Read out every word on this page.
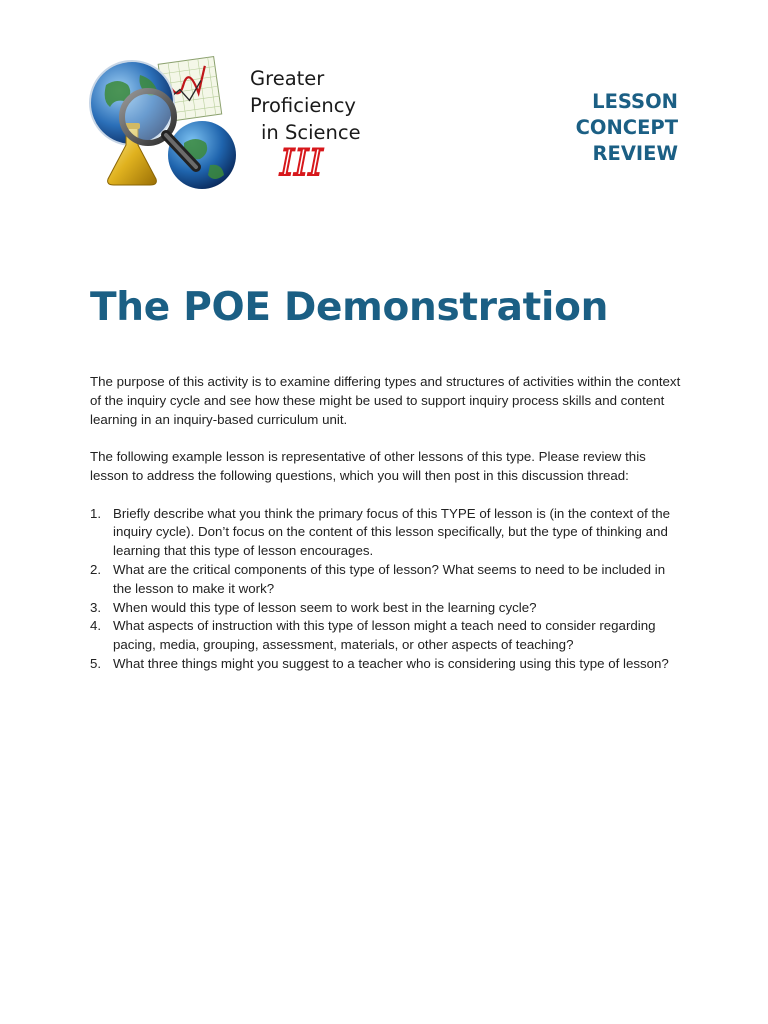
Greater
Proficiency
in Science
III
LESSON
CONCEPT
REVIEW
The POE Demonstration

The purpose of this activity is to examine differing types and structures of activities within the context of the inquiry cycle and see how these might be used to support inquiry process skills and content learning in an inquiry-based curriculum unit.

The following example lesson is representative of other lessons of this type. Please review this lesson to address the following questions, which you will then post in this discussion thread:

1. Briefly describe what you think the primary focus of this TYPE of lesson is (in the context of the inquiry cycle). Don’t focus on the content of this lesson specifically, but the type of thinking and learning that this type of lesson encourages.
2. What are the critical components of this type of lesson? What seems to need to be included in the lesson to make it work?
3. When would this type of lesson seem to work best in the learning cycle?
4. What aspects of instruction with this type of lesson might a teach need to consider regarding pacing, media, grouping, assessment, materials, or other aspects of teaching?
5. What three things might you suggest to a teacher who is considering using this type of lesson?
